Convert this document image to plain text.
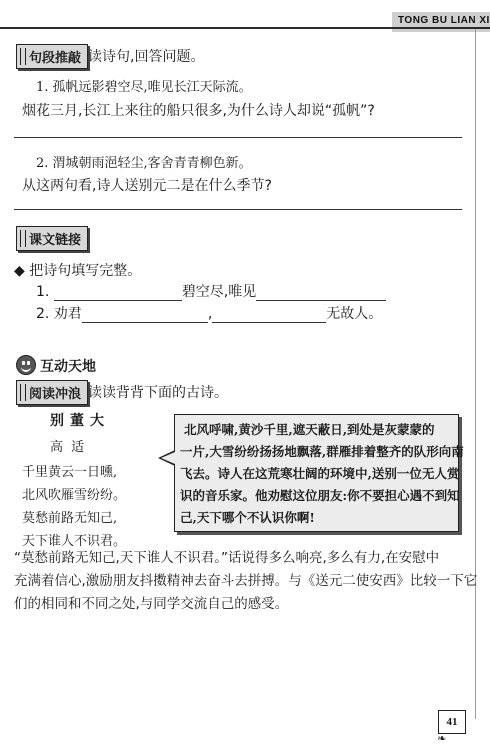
TONG BU LIAN XI
句段推敲 读诗句,回答问题。
1. 孤帆远影碧空尽,唯见长江天际流。
烟花三月,长江上来往的船只很多,为什么诗人却说“孤帆”?
2. 渭城朝雨浥轻尘,客舍青青柳色新。
从这两句看,诗人送别元二是在什么季节?
课文链接
◆ 把诗句填写完整。
1.	碧空尽,唯见
2. 劝君	,	无故人。
互动天地
阅读冲浪 读读背背下面的古诗。
别董大
高 适
千里黄云一日曛,
北风吹雁雪纷纷。
莫愁前路无知己,
天下谁人不识君。
北风呼啸,黄沙千里,遮天蔽日,到处是灰蒙蒙的
一片,大雪纷纷扬扬地飘落,群雁排着整齐的队形向南
飞去。诗人在这荒寒壮阔的环境中,送别一位无人赏
识的音乐家。他劝慰这位朋友:你不要担心遇不到知
己,天下哪个不认识你啊!
“莫愁前路无知己,天下谁人不识君。”话说得多么响亮,多么有力,在安慰中
充满着信心,激励朋友抖擞精神去奋斗去拼搏。与《送元二使安西》比较一下它
们的相同和不同之处,与同学交流自己的感受。
41
❧
